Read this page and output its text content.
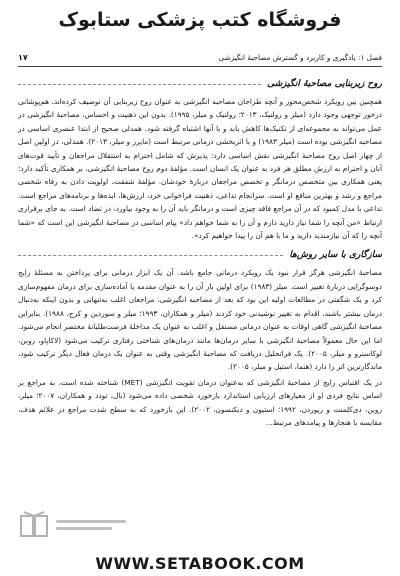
فروشگاه کتب پزشکی ستابوک
فصل ۱: یادگیری و کاربرد و گسترش مصاحبهٔ انگیزشی
۱۷
روح زیربنایی مصاحبهٔ انگیزشی

همچنین بین رویکرد شخص‌محور و آنچه طراحان مصاحبه انگیزشی به عنوان روح زیربنایی آن توصیف کرده‌اند، هم‌پوشانی درخور توجهی وجود دارد (میلر و رولنیک، ۲۰۱۳؛ رولنیک و میلر، ۱۹۹۵). بدون این ذهنیت و احساس، مصاحبهٔ انگیزشی در عمل می‌تواند به مجموعه‌ای از تکنیک‌ها کاهش یابد و با آنها اشتباه گرفته شود. همدلی صحیح از ابتدا عنصری اساسی در مصاحبه انگیزشی بوده است (میلر ۱۹۸۳) و با اثربخشی درمانی مرتبط است (مایرز و میلر، ۲۰۱۳). همدلی، در اولین اصل از چهار اصل روح مصاحبهٔ انگیزشی نقش اساسی دارد: پذیرش که شامل احترام به استقلال مراجعان و تأیید قوت‌های آنان و احترام به ارزش مطلق هر فرد به عنوان یک انسان است. مؤلفهٔ دوم روح مصاحبهٔ انگیزشی، بر همکاری تأکید دارد؛ یعنی همکاری بین متخصص درمانگر و تخصص مراجعان دربارهٔ خودشان. مؤلفهٔ شفقت، اولویت دادن به رفاه شخصی مراجع و رشد و بهترین منافع او است. سرانجام تداعی، ذهنیت فراخوانی خرد، ارزش‌ها، ایده‌ها و برنامه‌های مراجع است. تداعی با مدل کمبود که در آن مراجع فاقد چیزی است و درمانگر باید آن را به وجود بیاورد، در تضاد است. به جای برقراری ارتباط «من آنچه را شما نیاز دارید دارم و آن را به شما خواهم داد» پیام اساسی در مصاحبهٔ انگیزشی این است که «شما آنچه را که آن نیازمندید دارید و ما با هم آن را پیدا خواهیم کرد».

سازگاری با سایر روش‌ها

مصاحبهٔ انگیزشی هرگز قرار نبود یک رویکرد درمانی جامع باشد. آن یک ابزار درمانی برای پرداختن به مسئلهٔ رایج دوسوگرایی دربارهٔ تغییر است. میلر (۱۹۸۳) برای اولین بار آن را به عنوان مقدمه یا آماده‌سازی برای درمان مفهوم‌سازی کرد و یک شگفتی در مطالعات اولیه این بود که بعد از مصاحبه انگیزشی، مراجعان اغلب به‌تنهایی و بدون اینکه به‌دنبال درمان بیشتر باشند، اقدام به تغییر نوشیدنی خود کردند (میلر و همکاران، ۱۹۹۳؛ میلر و سوردین و کرج، ۱۹۸۸). بنابراین مصاحبهٔ انگیزشی گاهی اوقات به عنوان درمانی مستقل و اغلب به عنوان یک مداخلهٔ فرصت‌طلبانهٔ مختصر انجام می‌شود. اما این حال معمولاً مصاحبهٔ انگیزشی با سایر درمان‌ها مانند درمان‌های شناختی رفتاری ترکیب می‌شود (لاکاپاو، زوبن، لوکاسترو و میلر، ۲۰۰۵). یک فراتحلیل دریافت که مصاحبهٔ انگیزشی وقتی به عنوان یک درمان فعال دیگر ترکیب شود، ماندگارترین اثر را دارد (هتما، استیل و میلر، ۲۰۰۵).

در یک اقتباس رایج از مصاحبهٔ انگیزشی که به‌عنوان درمان تقویت انگیزشی (MET) شناخته شده است، به مراجع بر اساس نتایج فردی او از معیارهای ارزیابی استاندارد بازخورد شخصی داده می‌شود (بال، تودد و همکاران، ۲۰۰۷؛ میلر، زوبن، دی‌کلمنت و ریوردن، ۱۹۹۲؛ استیون و دیکنسون، ۲۰۰۲). این بازخورد که به سطح شدت مراجع در علائم هدف، مقایسه با هنجارها و پیامدهای مرتبط...

WWW.SETABOOK.COM
